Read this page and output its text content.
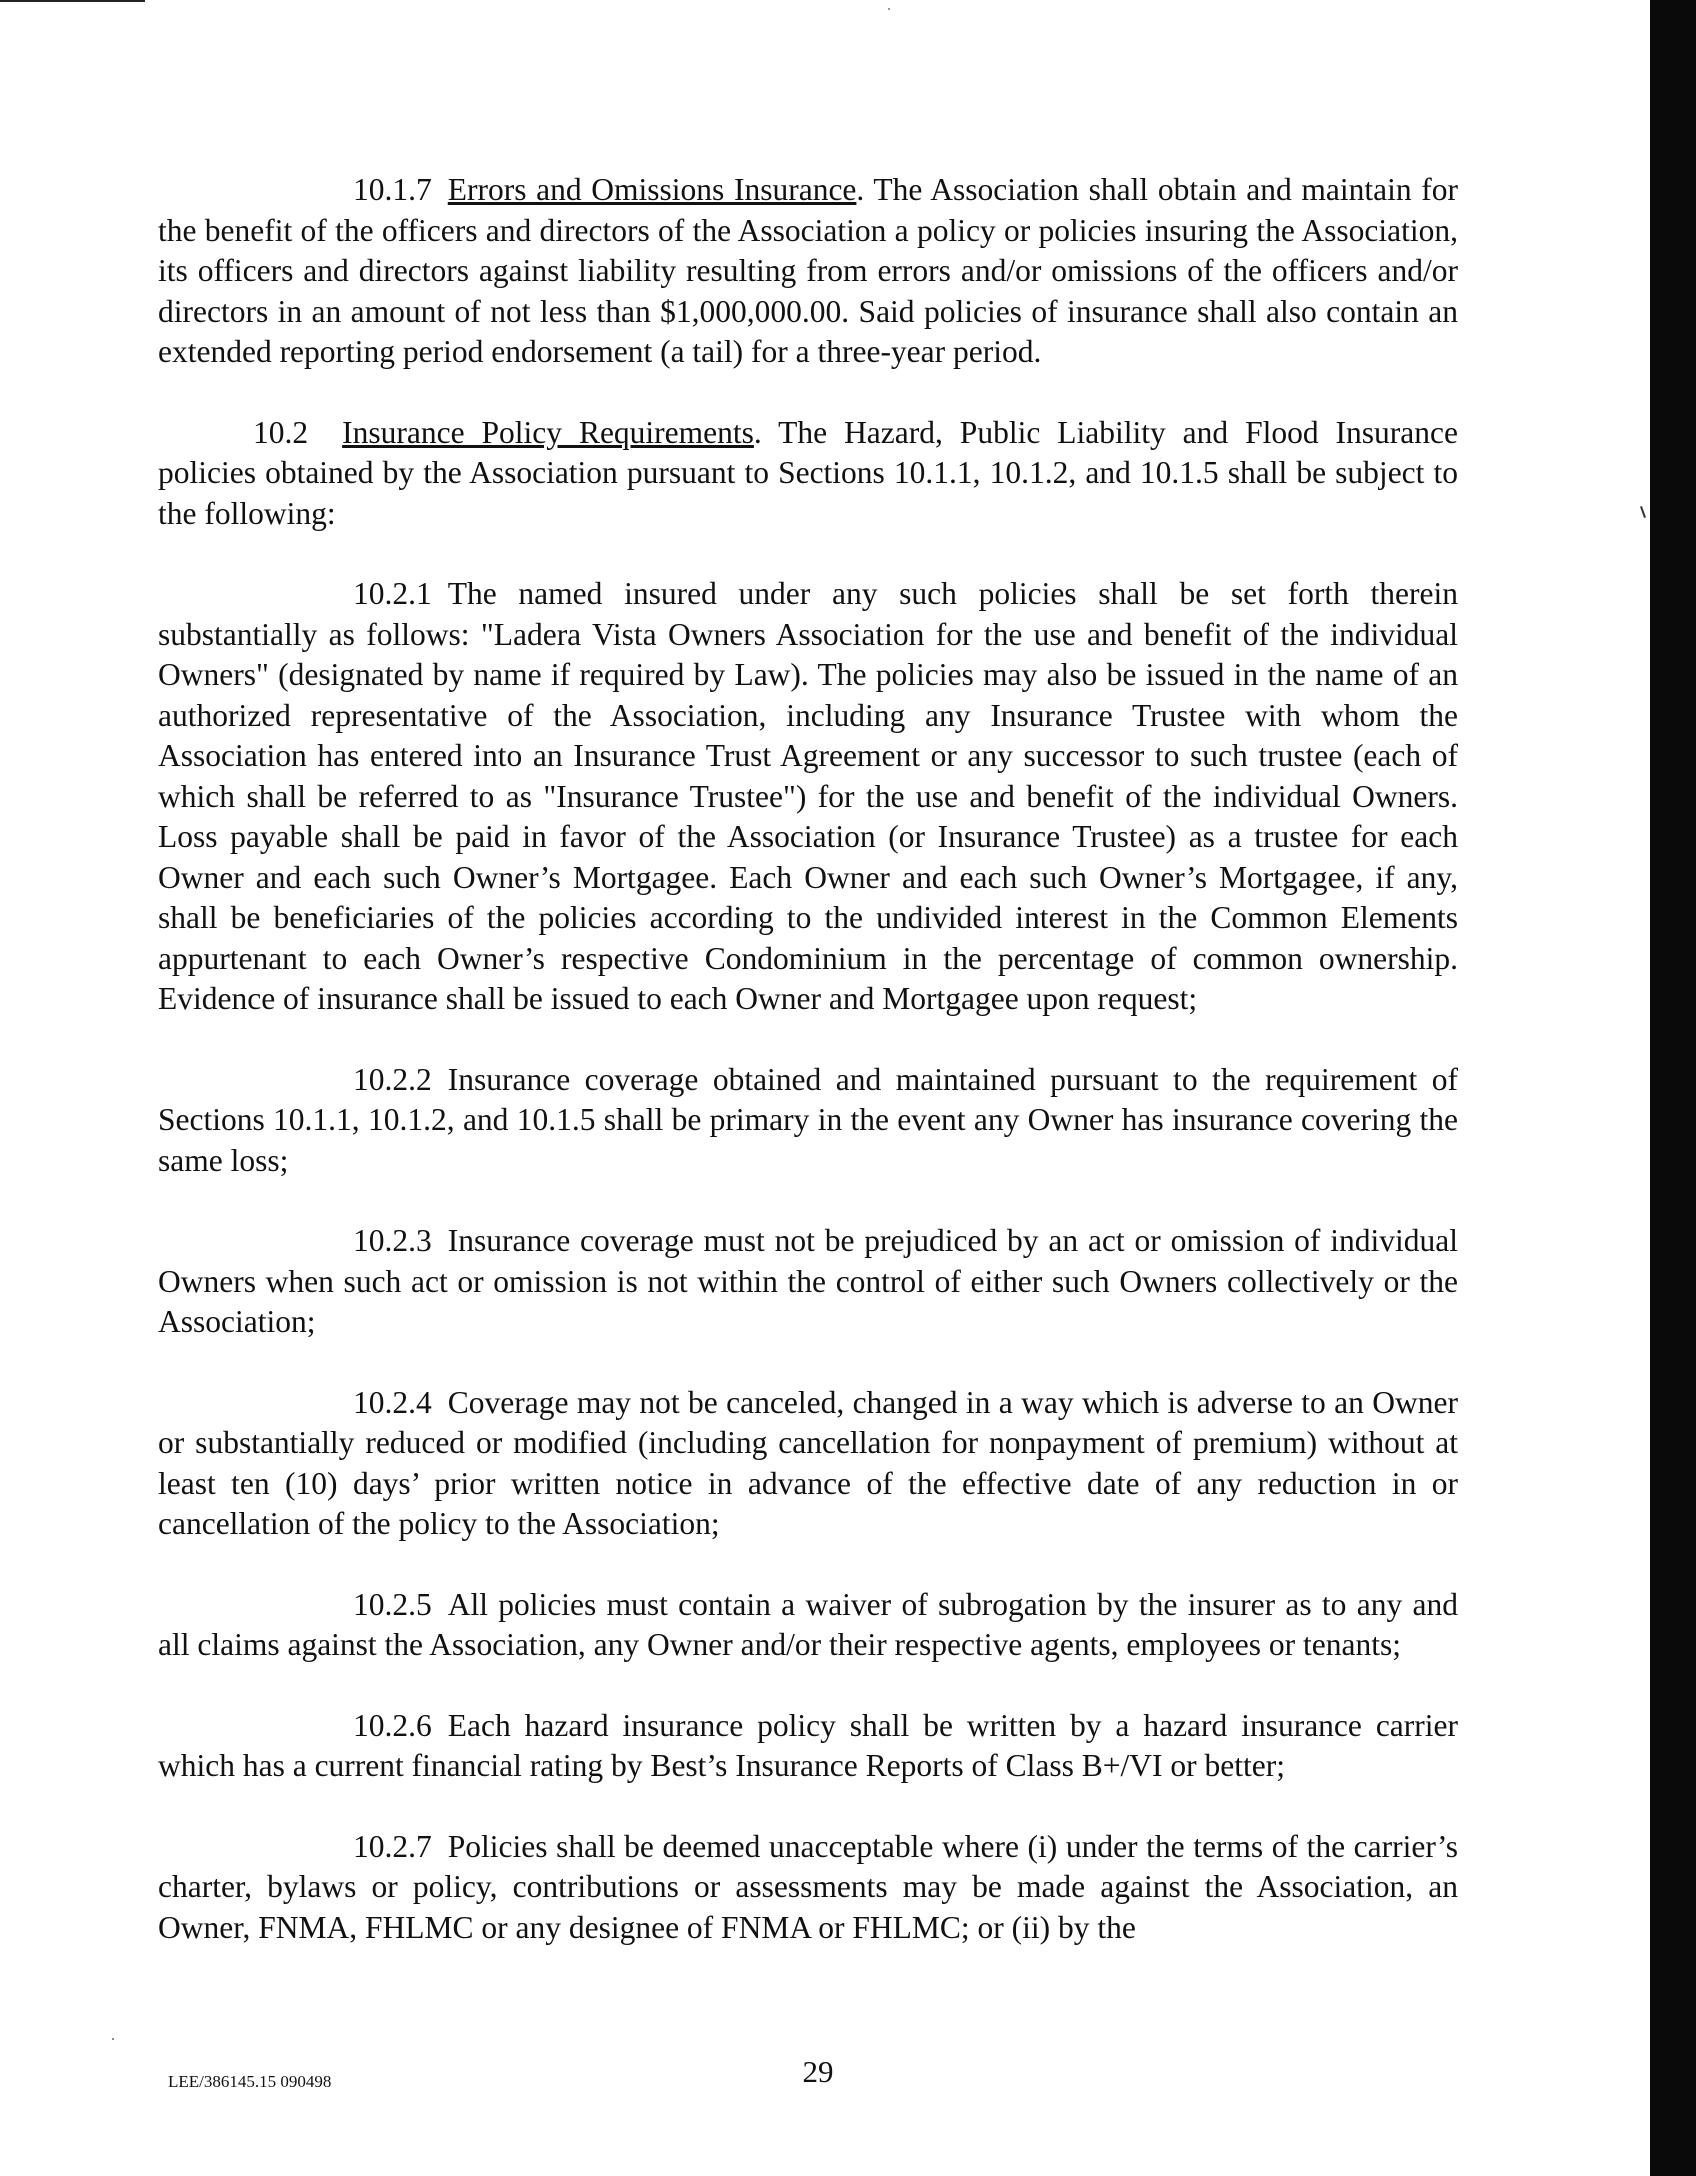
10.1.7 Errors and Omissions Insurance. The Association shall obtain and maintain for the benefit of the officers and directors of the Association a policy or policies insuring the Association, its officers and directors against liability resulting from errors and/or omissions of the officers and/or directors in an amount of not less than $1,000,000.00. Said policies of insurance shall also contain an extended reporting period endorsement (a tail) for a three-year period.

10.2 Insurance Policy Requirements. The Hazard, Public Liability and Flood Insurance policies obtained by the Association pursuant to Sections 10.1.1, 10.1.2, and 10.1.5 shall be subject to the following:

10.2.1 The named insured under any such policies shall be set forth therein substantially as follows: "Ladera Vista Owners Association for the use and benefit of the individual Owners" (designated by name if required by Law). The policies may also be issued in the name of an authorized representative of the Association, including any Insurance Trustee with whom the Association has entered into an Insurance Trust Agreement or any successor to such trustee (each of which shall be referred to as "Insurance Trustee") for the use and benefit of the individual Owners. Loss payable shall be paid in favor of the Association (or Insurance Trustee) as a trustee for each Owner and each such Owner’s Mortgagee. Each Owner and each such Owner’s Mortgagee, if any, shall be beneficiaries of the policies according to the undivided interest in the Common Elements appurtenant to each Owner’s respective Condominium in the percentage of common ownership. Evidence of insurance shall be issued to each Owner and Mortgagee upon request;

10.2.2 Insurance coverage obtained and maintained pursuant to the requirement of Sections 10.1.1, 10.1.2, and 10.1.5 shall be primary in the event any Owner has insurance covering the same loss;

10.2.3 Insurance coverage must not be prejudiced by an act or omission of individual Owners when such act or omission is not within the control of either such Owners collectively or the Association;

10.2.4 Coverage may not be canceled, changed in a way which is adverse to an Owner or substantially reduced or modified (including cancellation for nonpayment of premium) without at least ten (10) days’ prior written notice in advance of the effective date of any reduction in or cancellation of the policy to the Association;

10.2.5 All policies must contain a waiver of subrogation by the insurer as to any and all claims against the Association, any Owner and/or their respective agents, employees or tenants;

10.2.6 Each hazard insurance policy shall be written by a hazard insurance carrier which has a current financial rating by Best’s Insurance Reports of Class B+/VI or better;

10.2.7 Policies shall be deemed unacceptable where (i) under the terms of the carrier’s charter, bylaws or policy, contributions or assessments may be made against the Association, an Owner, FNMA, FHLMC or any designee of FNMA or FHLMC; or (ii) by the

LEE/386145.15 090498	29
